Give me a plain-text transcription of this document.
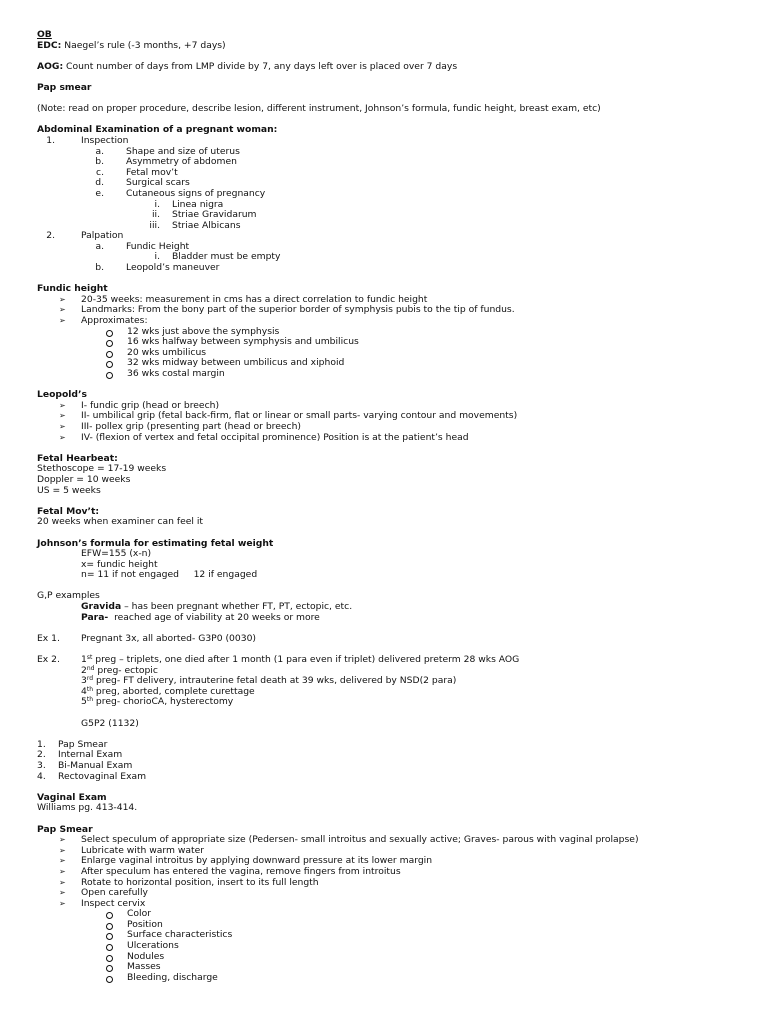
OB
EDC: Naegel’s rule (-3 months, +7 days)
AOG: Count number of days from LMP divide by 7, any days left over is placed over 7 days
Pap smear
(Note: read on proper procedure, describe lesion, different instrument, Johnson’s formula, fundic height, breast exam, etc)
Abdominal Examination of a pregnant woman:
1.	Inspection
a. Shape and size of uterus
b. Asymmetry of abdomen
c. Fetal mov’t
d. Surgical scars
e. Cutaneous signs of pregnancy
i. Linea nigra
ii. Striae Gravidarum
iii. Striae Albicans
2.	Palpation
a. Fundic Height
i. Bladder must be empty
b. Leopold’s maneuver
Fundic height
➢	20-35 weeks: measurement in cms has a direct correlation to fundic height
➢	Landmarks: From the bony part of the superior border of symphysis pubis to the tip of fundus.
➢	Approximates:
12 wks just above the symphysis
16 wks halfway between symphysis and umbilicus
20 wks umbilicus
32 wks midway between umbilicus and xiphoid
36 wks costal margin
Leopold’s
➢	I- fundic grip (head or breech)
➢	II- umbilical grip (fetal back-firm, flat or linear or small parts- varying contour and movements)
➢	III- pollex grip (presenting part (head or breech)
➢	IV- (flexion of vertex and fetal occipital prominence) Position is at the patient’s head
Fetal Hearbeat:
Stethoscope = 17-19 weeks
Doppler = 10 weeks
US = 5 weeks
Fetal Mov’t:
20 weeks when examiner can feel it
Johnson’s formula for estimating fetal weight
EFW=155 (x-n)
x= fundic height
n= 11 if not engaged     12 if engaged
G,P examples
Gravida – has been pregnant whether FT, PT, ectopic, etc.
Para-  reached age of viability at 20 weeks or more
Ex 1. Pregnant 3x, all aborted- G3P0 (0030)
Ex 2. 1st preg – triplets, one died after 1 month (1 para even if triplet) delivered preterm 28 wks AOG
2nd preg- ectopic
3rd preg- FT delivery, intrauterine fetal death at 39 wks, delivered by NSD(2 para)
4th preg, aborted, complete curettage
5th preg- chorioCA, hysterectomy
G5P2 (1132)
1. Pap Smear
2. Internal Exam
3. Bi-Manual Exam
4. Rectovaginal Exam
Vaginal Exam
Williams pg. 413-414.
Pap Smear
➢	Select speculum of appropriate size (Pedersen- small introitus and sexually active; Graves- parous with vaginal prolapse)
➢	Lubricate with warm water
➢	Enlarge vaginal introitus by applying downward pressure at its lower margin
➢	After speculum has entered the vagina, remove fingers from introitus
➢	Rotate to horizontal position, insert to its full length
➢	Open carefully
➢	Inspect cervix
Color
Position
Surface characteristics
Ulcerations
Nodules
Masses
Bleeding, discharge
